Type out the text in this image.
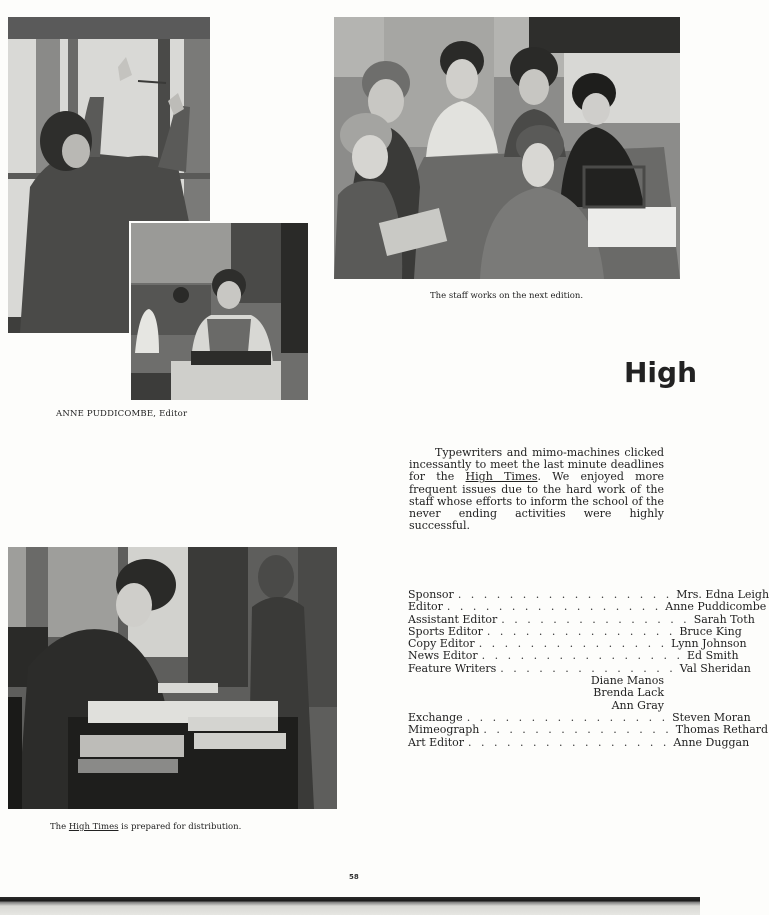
The staff works on the next edition.
ANNE PUDDICOMBE, Editor
The High Times is prepared for distribution.
High

Typewriters and mimo-machines clicked incessantly to meet the last minute deadlines for the High Times. We enjoyed more frequent issues due to the hard work of the staff whose efforts to inform the school of the never ending activities were highly successful.

Sponsor . . . . . . . . . . . . . . . . . Mrs. Edna Leigh
Editor . . . . . . . . . . . . . . . . . Anne Puddicombe
Assistant Editor . . . . . . . . . . . . . . . Sarah Toth
Sports Editor . . . . . . . . . . . . . . . Bruce King
Copy Editor . . . . . . . . . . . . . . . Lynn Johnson
News Editor . . . . . . . . . . . . . . . . Ed Smith
Feature Writers . . . . . . . . . . . . . . Val Sheridan
Diane Manos
Brenda Lack
Ann Gray
Exchange . . . . . . . . . . . . . . . . Steven Moran
Mimeograph . . . . . . . . . . . . . . . Thomas Rethard
Art Editor . . . . . . . . . . . . . . . . Anne Duggan
58
